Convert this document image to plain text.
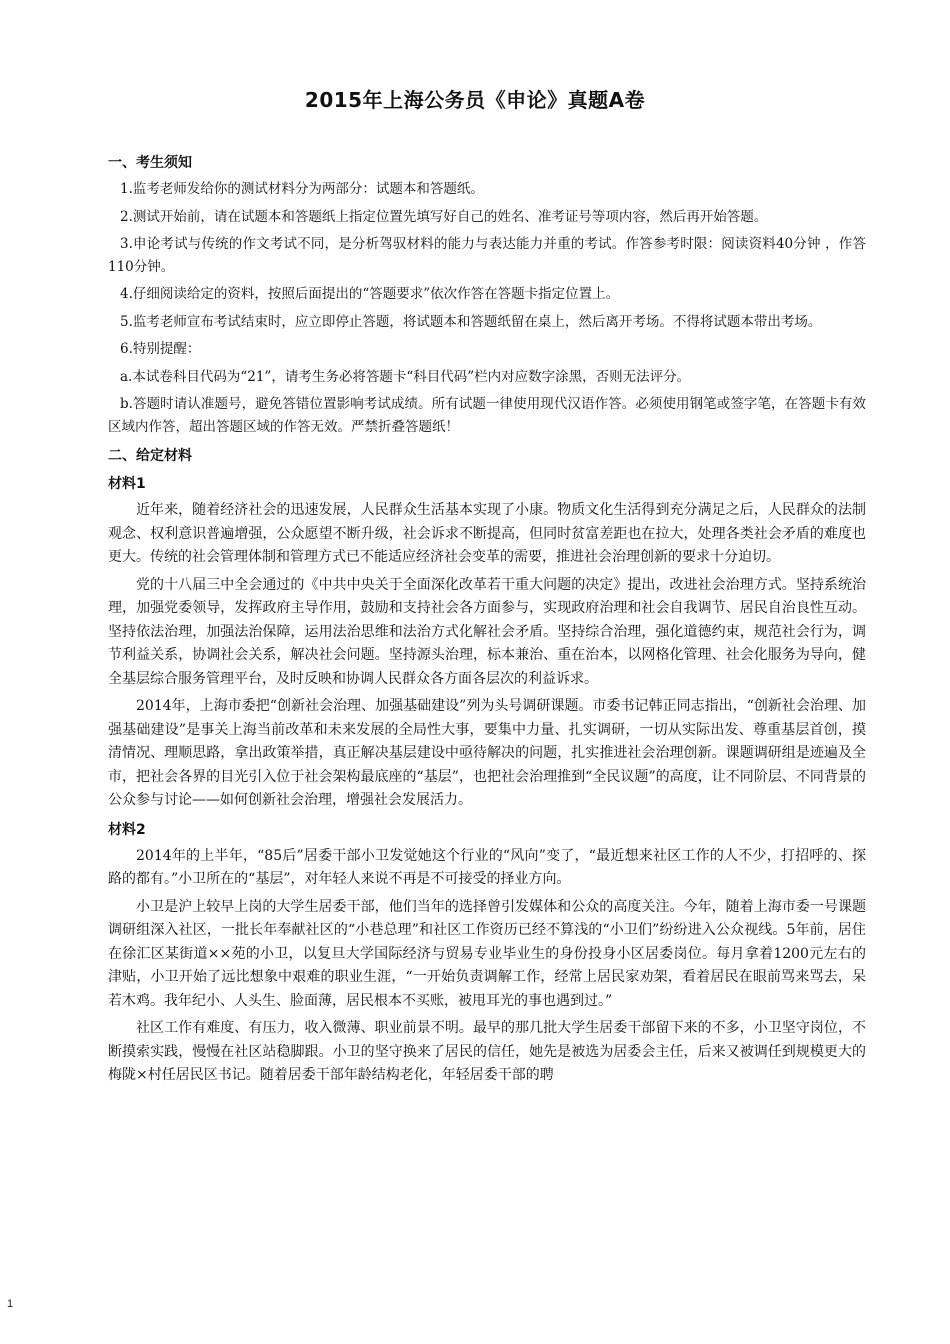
2015年上海公务员《申论》真题A卷
一、考生须知

1.监考老师发给你的测试材料分为两部分：试题本和答题纸。

2.测试开始前，请在试题本和答题纸上指定位置先填写好自己的姓名、准考证号等项内容，然后再开始答题。

3.申论考试与传统的作文考试不同，是分析驾驭材料的能力与表达能力并重的考试。作答参考时限：阅读资料40分钟 ，作答110分钟。

4.仔细阅读给定的资料，按照后面提出的“答题要求”依次作答在答题卡指定位置上。

5.监考老师宣布考试结束时，应立即停止答题，将试题本和答题纸留在桌上，然后离开考场。不得将试题本带出考场。

6.特别提醒：

a.本试卷科目代码为“21”，请考生务必将答题卡“科目代码”栏内对应数字涂黑，否则无法评分。

b.答题时请认准题号，避免答错位置影响考试成绩。所有试题一律使用现代汉语作答。必须使用钢笔或签字笔，在答题卡有效区域内作答，超出答题区域的作答无效。严禁折叠答题纸！

二、给定材料
材料1

近年来，随着经济社会的迅速发展，人民群众生活基本实现了小康。物质文化生活得到充分满足之后，人民群众的法制观念、权利意识普遍增强，公众愿望不断升级，社会诉求不断提高，但同时贫富差距也在拉大，处理各类社会矛盾的难度也更大。传统的社会管理体制和管理方式已不能适应经济社会变革的需要，推进社会治理创新的要求十分迫切。

党的十八届三中全会通过的《中共中央关于全面深化改革若干重大问题的决定》提出，改进社会治理方式。坚持系统治理，加强党委领导，发挥政府主导作用，鼓励和支持社会各方面参与，实现政府治理和社会自我调节、居民自治良性互动。坚持依法治理，加强法治保障，运用法治思维和法治方式化解社会矛盾。坚持综合治理，强化道德约束，规范社会行为，调节利益关系，协调社会关系，解决社会问题。坚持源头治理，标本兼治、重在治本，以网格化管理、社会化服务为导向，健全基层综合服务管理平台，及时反映和协调人民群众各方面各层次的利益诉求。

2014年，上海市委把“创新社会治理、加强基础建设”列为头号调研课题。市委书记韩正同志指出，“创新社会治理、加强基础建设”是事关上海当前改革和未来发展的全局性大事，要集中力量、扎实调研，一切从实际出发、尊重基层首创，摸清情况、理顺思路，拿出政策举措，真正解决基层建设中亟待解决的问题，扎实推进社会治理创新。课题调研组是迹遍及全市，把社会各界的目光引入位于社会架构最底座的“基层”，也把社会治理推到“全民议题”的高度，让不同阶层、不同背景的公众参与讨论——如何创新社会治理，增强社会发展活力。

材料2

2014年的上半年，“85后”居委干部小卫发觉她这个行业的“风向”变了，“最近想来社区工作的人不少，打招呼的、探路的都有。”小卫所在的“基层”，对年轻人来说不再是不可接受的择业方向。

小卫是沪上较早上岗的大学生居委干部，他们当年的选择曾引发媒体和公众的高度关注。今年，随着上海市委一号课题调研组深入社区，一批长年奉献社区的“小巷总理”和社区工作资历已经不算浅的“小卫们”纷纷进入公众视线。5年前，居住在徐汇区某街道××苑的小卫，以复旦大学国际经济与贸易专业毕业生的身份投身小区居委岗位。每月拿着1200元左右的津贴，小卫开始了远比想象中艰难的职业生涯，“一开始负责调解工作，经常上居民家劝架，看着居民在眼前骂来骂去，呆若木鸡。我年纪小、人头生、脸面薄，居民根本不买账，被甩耳光的事也遇到过。”

社区工作有难度、有压力，收入微薄、职业前景不明。最早的那几批大学生居委干部留下来的不多，小卫坚守岗位，不断摸索实践，慢慢在社区站稳脚跟。小卫的坚守换来了居民的信任，她先是被选为居委会主任，后来又被调任到规模更大的梅陇×村任居民区书记。随着居委干部年龄结构老化，年轻居委干部的聘

1
